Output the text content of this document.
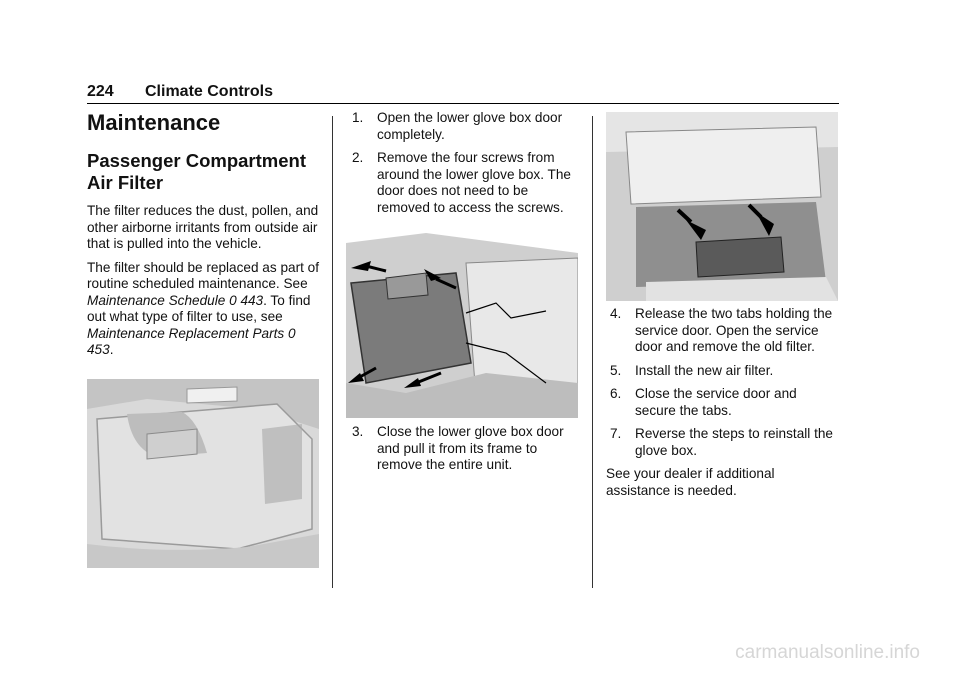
224 Climate Controls
Maintenance
Passenger Compartment Air Filter

The filter reduces the dust, pollen, and other airborne irritants from outside air that is pulled into the vehicle.

The filter should be replaced as part of routine scheduled maintenance. See Maintenance Schedule 0 443. To find out what type of filter to use, see Maintenance Replacement Parts 0 453.

1. Open the lower glove box door completely.
2. Remove the four screws from around the lower glove box. The door does not need to be removed to access the screws.
3. Close the lower glove box door and pull it from its frame to remove the entire unit.
4. Release the two tabs holding the service door. Open the service door and remove the old filter.
5. Install the new air filter.
6. Close the service door and secure the tabs.
7. Reverse the steps to reinstall the glove box.

See your dealer if additional assistance is needed.

carmanualsonline.info
